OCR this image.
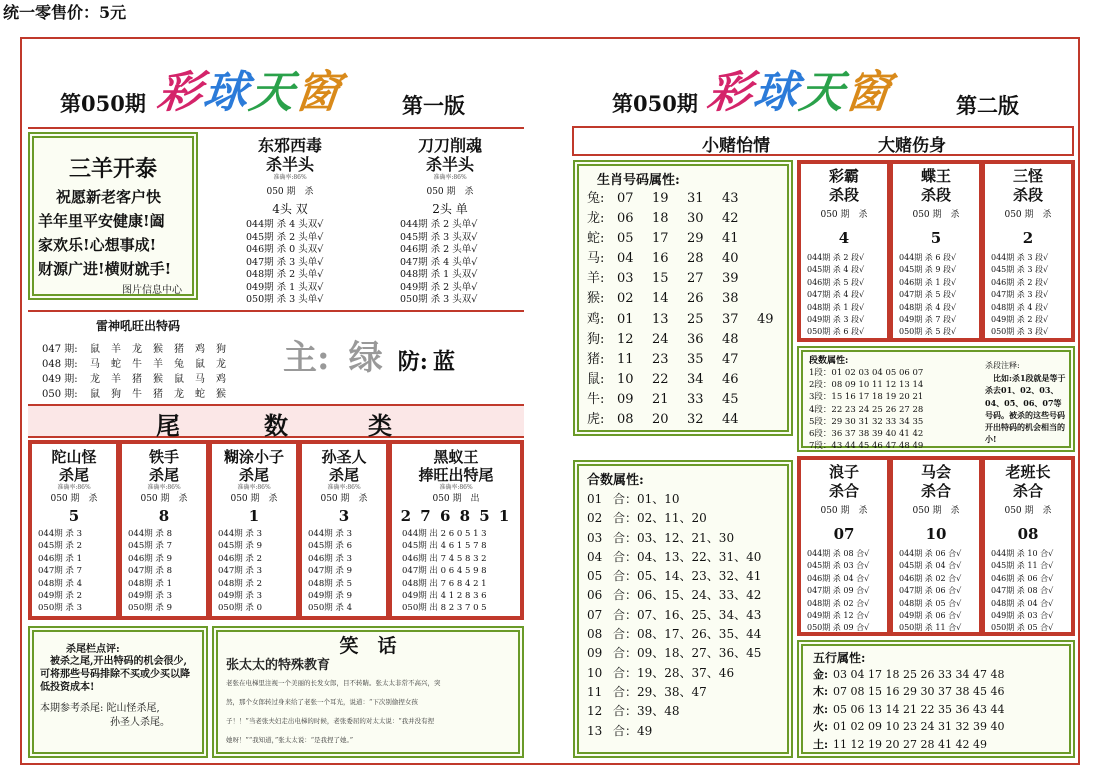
统一零售价：5元
第050期 彩球天窗	第一版
三羊开泰
祝愿新老客户快
羊年里平安健康!阖
家欢乐!心想事成!
财源广进!横财就手!
图片信息中心
东邪西毒
杀半头
准确率:86%
050 期　杀
4头 双
044期 杀 4 头双√
045期 杀 2 头单√
046期 杀 0 头双√
047期 杀 3 头单√
048期 杀 2 头单√
049期 杀 1 头双√
050期 杀 3 头单√
刀刀削魂
杀半头
准确率:86%
050 期　杀
2头 单
044期 杀 2 头单√
045期 杀 3 头双√
046期 杀 2 头单√
047期 杀 4 头单√
048期 杀 1 头双√
049期 杀 2 头单√
050期 杀 3 头双√
雷神吼旺出特码
047 期: 鼠 羊 龙 猴 猪 鸡 狗
048 期: 马 蛇 牛 羊 兔 鼠 龙
049 期: 龙 羊 猪 猴 鼠 马 鸡
050 期: 鼠 狗 牛 猪 龙 蛇 猴
主: 绿 防: 蓝
尾	数	类
陀山怪
杀尾
准确率:86%
050 期　杀
5
044期 杀 3
045期 杀 2
046期 杀 1
047期 杀 7
048期 杀 4
049期 杀 2
050期 杀 3
铁手
杀尾
准确率:86%
050 期　杀
8
044期 杀 8
045期 杀 7
046期 杀 9
047期 杀 8
048期 杀 1
049期 杀 3
050期 杀 9
糊涂小子
杀尾
准确率:86%
050 期　杀
1
044期 杀 3
045期 杀 9
046期 杀 2
047期 杀 3
048期 杀 2
049期 杀 3
050期 杀 0
孙圣人
杀尾
准确率:86%
050 期　杀
3
044期 杀 3
045期 杀 6
046期 杀 3
047期 杀 9
048期 杀 5
049期 杀 9
050期 杀 4
黑蚁王
捧旺出特尾
准确率:86%
050 期　出
2 7 6 8 5 1
044期 出 2 6 0 5 1 3
045期 出 4 6 1 5 7 8
046期 出 7 4 5 8 3 2
047期 出 0 6 4 5 9 8
048期 出 7 6 8 4 2 1
049期 出 4 1 2 8 3 6
050期 出 8 2 3 7 0 5
杀尾栏点评:
　被杀之尾,开出特码的机会很少,可将那些号码排除不买或少买以降低投资成本!
本期参考杀尾: 陀山怪杀尾,
孙圣人杀尾。
笑　话
张太太的特殊教育
老张在电梯里注视一个美丽的长发女郎，目不转睛。张太太非常不高兴，突
然，那个女郎转过身来给了老张一个耳光，说道：“下次别偷捏女孩
子！！”当老张夫妇走出电梯的时候，老张委屈的对太太说：“我并没有捏
她呀！”“我知道，”张太太说：“是我捏了她。”
第050期 彩球天窗	第二版
小赌怡情	大赌伤身
生肖号码属性:
兔: 07 19 31 43
龙: 06 18 30 42
蛇: 05 17 29 41
马: 04 16 28 40
羊: 03 15 27 39
猴: 02 14 26 38
鸡: 01 13 25 37 49
狗: 12 24 36 48
猪: 11 23 35 47
鼠: 10 22 34 46
牛: 09 21 33 45
虎: 08 20 32 44
彩霸
杀段
050 期　杀
4
044期 杀 2 段√
045期 杀 4 段√
046期 杀 5 段√
047期 杀 4 段√
048期 杀 1 段√
049期 杀 3 段√
050期 杀 6 段√
蝶王
杀段
050 期　杀
5
044期 杀 6 段√
045期 杀 9 段√
046期 杀 1 段√
047期 杀 5 段√
048期 杀 4 段√
049期 杀 7 段√
050期 杀 5 段√
三怪
杀段
050 期　杀
2
044期 杀 3 段√
045期 杀 3 段√
046期 杀 2 段√
047期 杀 3 段√
048期 杀 4 段√
049期 杀 2 段√
050期 杀 3 段√
段数属性:
1段：01 02 03 04 05 06 07
2段：08 09 10 11 12 13 14
3段：15 16 17 18 19 20 21
4段：22 23 24 25 26 27 28
5段：29 30 31 32 33 34 35
6段：36 37 38 39 40 41 42
7段：43 44 45 46 47 48 49
杀段注释:
　比如:杀1段就是等于杀去01、02、03、04、05、06、07等号码。被杀的这些号码开出特码的机会相当的小!
合数属性:
01 合：01、10
02 合：02、11、20
03 合：03、12、21、30
04 合：04、13、22、31、40
05 合：05、14、23、32、41
06 合：06、15、24、33、42
07 合：07、16、25、34、43
08 合：08、17、26、35、44
09 合：09、18、27、36、45
10 合：19、28、37、46
11 合：29、38、47
12 合：39、48
13 合：49
浪子
杀合
050 期　杀
07
044期 杀 08 合√
045期 杀 03 合√
046期 杀 04 合√
047期 杀 09 合√
048期 杀 02 合√
049期 杀 12 合√
050期 杀 09 合√
马会
杀合
050 期　杀
10
044期 杀 06 合√
045期 杀 04 合√
046期 杀 02 合√
047期 杀 06 合√
048期 杀 05 合√
049期 杀 06 合√
050期 杀 11 合√
老班长
杀合
050 期　杀
08
044期 杀 10 合√
045期 杀 11 合√
046期 杀 06 合√
047期 杀 08 合√
048期 杀 04 合√
049期 杀 03 合√
050期 杀 05 合√
五行属性:
金: 03 04 17 18 25 26 33 34 47 48
木: 07 08 15 16 29 30 37 38 45 46
水: 05 06 13 14 21 22 35 36 43 44
火: 01 02 09 10 23 24 31 32 39 40
土: 11 12 19 20 27 28 41 42 49
